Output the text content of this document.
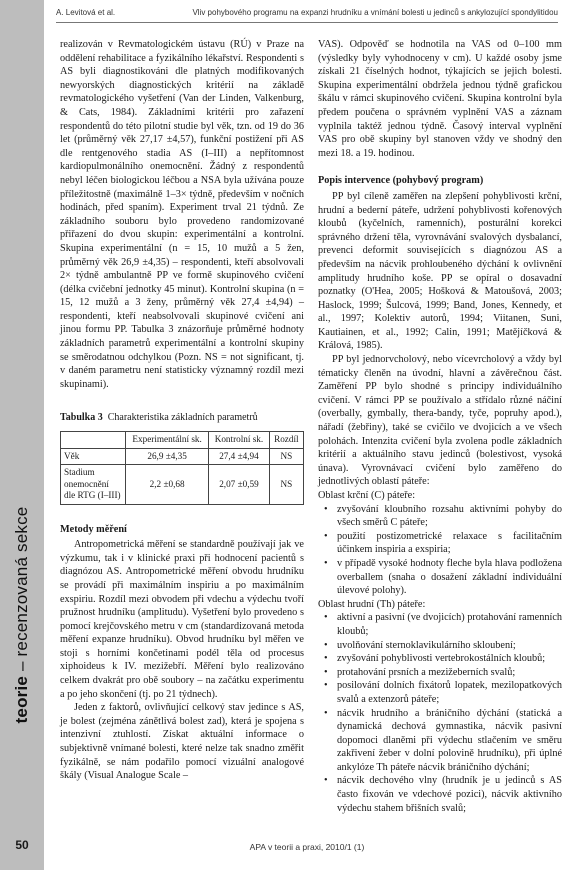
A. Levitová et al.	Vliv pohybového programu na expanzi hrudníku a vnímání bolesti u jedinců s ankylozující spondylitidou
teorie – recenzovaná sekce
50

realizován v Revmatologickém ústavu (RÚ) v Praze na oddělení rehabilitace a fyzikálního lékařství. Respondenti s AS byli diagnostikováni dle platných modifikovaných newyorských diagnostických kritérií na základě revmatologického vyšetření (Van der Linden, Valkenburg, & Cats, 1984). Základními kritérii pro zařazení respondentů do této pilotní studie byl věk, tzn. od 19 do 36 let (průměrný věk 27,17 ±4,57), funkční postižení při AS dle rentgenového stadia AS (I–III) a nepřítomnost kardiopulmonálního onemocnění. Žádný z respondentů nebyl léčen biologickou léčbou a NSA byla užívána pouze příležitostně (maximálně 1–3× týdně, především v nočních hodinách, před spaním). Experiment trval 21 týdnů. Ze základního souboru bylo provedeno randomizované přiřazení do dvou skupin: experimentální a kontrolní. Skupina experimentální (n = 15, 10 mužů a 5 žen, průměrný věk 26,9 ±4,35) – respondenti, kteří absolvovali 2× týdně ambulantně PP ve formě skupinového cvičení (délka cvičební jednotky 45 minut). Kontrolní skupina (n = 15, 12 mužů a 3 ženy, průměrný věk 27,4 ±4,94) – respondenti, kteří neabsolvovali skupinové cvičení ani jinou formu PP. Tabulka 3 znázorňuje průměrné hodnoty základních parametrů experimentální a kontrolní skupiny se směrodatnou odchylkou (Pozn. NS = not significant, tj. v daném parametru není statisticky významný rozdíl mezi skupinami).

Tabulka 3 Charakteristika základních parametrů
	Experimentální sk.	Kontrolní sk.	Rozdíl
Věk	26,9 ±4,35	27,4 ±4,94	NS
Stadium onemocnění dle RTG (I–III)	2,2 ±0,68	2,07 ±0,59	NS
Metody měření

Antropometrická měření se standardně používají jak ve výzkumu, tak i v klinické praxi při hodnocení pacientů s diagnózou AS. Antropometrické měření obvodu hrudníku se provádí při maximálním inspiriu a po maximálním exspiriu. Rozdíl mezi obvodem při vdechu a výdechu tvoří pružnost hrudníku (amplitudu). Vyšetření bylo provedeno s pomocí krejčovského metru v cm (standardizovaná metoda měření expanze hrudníku). Obvod hrudníku byl měřen ve stoji s horními končetinami podél těla od procesus xiphoideus k IV. mezižebří. Měření bylo realizováno celkem dvakrát pro obě soubory – na začátku experimentu a po jeho skončení (tj. po 21 týdnech).

Jeden z faktorů, ovlivňující celkový stav jedince s AS, je bolest (zejména zánětlivá bolest zad), která je spojena s intenzivní ztuhlostí. Získat aktuální informace o subjektivně vnímané bolesti, které nelze tak snadno změřit fyzikálně, se nám podařilo pomocí vizuální analogové škály (Visual Analogue Scale –

VAS). Odpověď se hodnotila na VAS od 0–100 mm (výsledky byly vyhodnoceny v cm). U každé osoby jsme získali 21 číselných hodnot, týkajících se jejich bolesti. Skupina experimentální obdržela jednou týdně grafickou škálu v rámci skupinového cvičení. Skupina kontrolní byla předem poučena o správném vyplnění VAS a záznam vyplnila taktéž jednou týdně. Časový interval vyplnění VAS pro obě skupiny byl stanoven vždy ve shodný den mezi 18. a 19. hodinou.

Popis intervence (pohybový program)

PP byl cíleně zaměřen na zlepšení pohyblivosti krční, hrudní a bederní páteře, udržení pohyblivosti kořenových kloubů (kyčelních, ramenních), posturální korekci správného držení těla, vyrovnávání svalových dysbalancí, prevenci deformit souvisejících s diagnózou AS a především na nácvik prohloubeného dýchání k ovlivnění amplitudy hrudního koše. PP se opíral o dosavadní poznatky (O'Hea, 2005; Hošková & Matoušová, 2003; Haslock, 1999; Šulcová, 1999; Band, Jones, Kennedy, et al., 1997; Kolektiv autorů, 1994; Viitanen, Suni, Kautiainen, et al., 1992; Calin, 1991; Matějíčková & Králová, 1985).

PP byl jednorvcholový, nebo vícevrcholový a vždy byl tématicky členěn na úvodní, hlavní a závěrečnou část. Zaměření PP bylo shodné s principy individuálního cvičení. V rámci PP se používalo a střídalo různé náčiní (overbally, gymbally, thera-bandy, tyče, popruhy apod.), nářadí (žebřiny), také se cvičilo ve dvojicích a ve všech polohách. Intenzita cvičení byla zvolena podle základních kritérií a aktuálního stavu jedinců (bolestivost, vysoká únava). Vyrovnávací cvičení bylo zaměřeno do jednotlivých oblastí páteře:

Oblast krční (C) páteře:

• zvyšování kloubního rozsahu aktivními pohyby do všech směrů C páteře;
• použití postizometrické relaxace s facilitačním účinkem inspiria a exspiria;
• v případě vysoké hodnoty fleche byla hlava podložena overballem (snaha o dosažení základní individuální úlevové polohy).

Oblast hrudní (Th) páteře:

• aktivní a pasivní (ve dvojicích) protahování ramenních kloubů;
• uvolňování sternoklavikulárního skloubení;
• zvyšování pohyblivosti vertebrokostálních kloubů;
• protahování prsních a mezižeberních svalů;
• posilování dolních fixátorů lopatek, mezilopatkových svalů a extenzorů páteře;
• nácvik hrudního a bráničního dýchání (statická a dynamická dechová gymnastika, nácvik pasivní dopomoci dlaněmi při výdechu stlačením ve směru zakřivení žeber v dolní polovině hrudníku), při úplné ankylóze Th páteře nácvik bráničního dýchání;
• nácvik dechového vlny (hrudník je u jedinců s AS často fixován ve vdechové pozici), nácvik aktivního výdechu stahem břišních svalů;
APA v teorii a praxi, 2010/1 (1)
